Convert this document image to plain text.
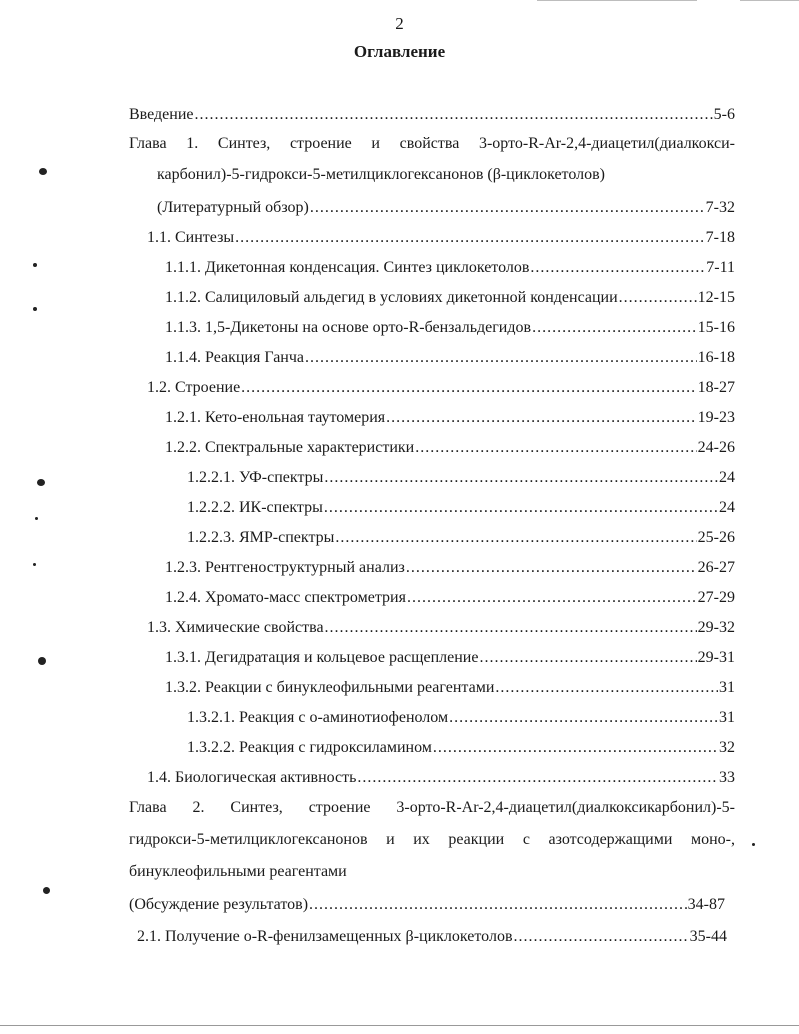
2
Оглавление
Введение .....	5-6
Глава 1. Синтез, строение и свойства 3-орто-R-Ar-2,4-диацетил(диалкокси-
карбонил)-5-гидрокси-5-метилциклогексанонов (β-циклокетолов)
(Литературный обзор) .....	7-32
1.1. Синтезы .....	7-18
1.1.1. Дикетонная конденсация. Синтез циклокетолов .....	7-11
1.1.2. Салициловый альдегид в условиях дикетонной конденсации .....	12-15
1.1.3. 1,5-Дикетоны на основе орто-R-бензальдегидов .....	15-16
1.1.4. Реакция Ганча .....	16-18
1.2. Строение .....	18-27
1.2.1. Кето-енольная таутомерия .....	19-23
1.2.2. Спектральные характеристики .....	24-26
1.2.2.1. УФ-спектры .....	24
1.2.2.2. ИК-спектры .....	24
1.2.2.3. ЯМР-спектры .....	25-26
1.2.3. Рентгеноструктурный анализ .....	26-27
1.2.4. Хромато-масс спектрометрия .....	27-29
1.3. Химические свойства .....	29-32
1.3.1. Дегидратация и кольцевое расщепление .....	29-31
1.3.2. Реакции с бинуклеофильными реагентами .....	31
1.3.2.1. Реакция с о-аминотиофенолом .....	31
1.3.2.2. Реакция с гидроксиламином .....	32
1.4. Биологическая активность .....	33
Глава 2. Синтез, строение 3-орто-R-Ar-2,4-диацетил(диалкоксикарбонил)-5-
гидрокси-5-метилциклогексанонов и их реакции с азотсодержащими моно-,
бинуклеофильными реагентами
(Обсуждение результатов) .....	34-87
2.1. Получение о-R-фенилзамещенных β-циклокетолов .....	35-44
